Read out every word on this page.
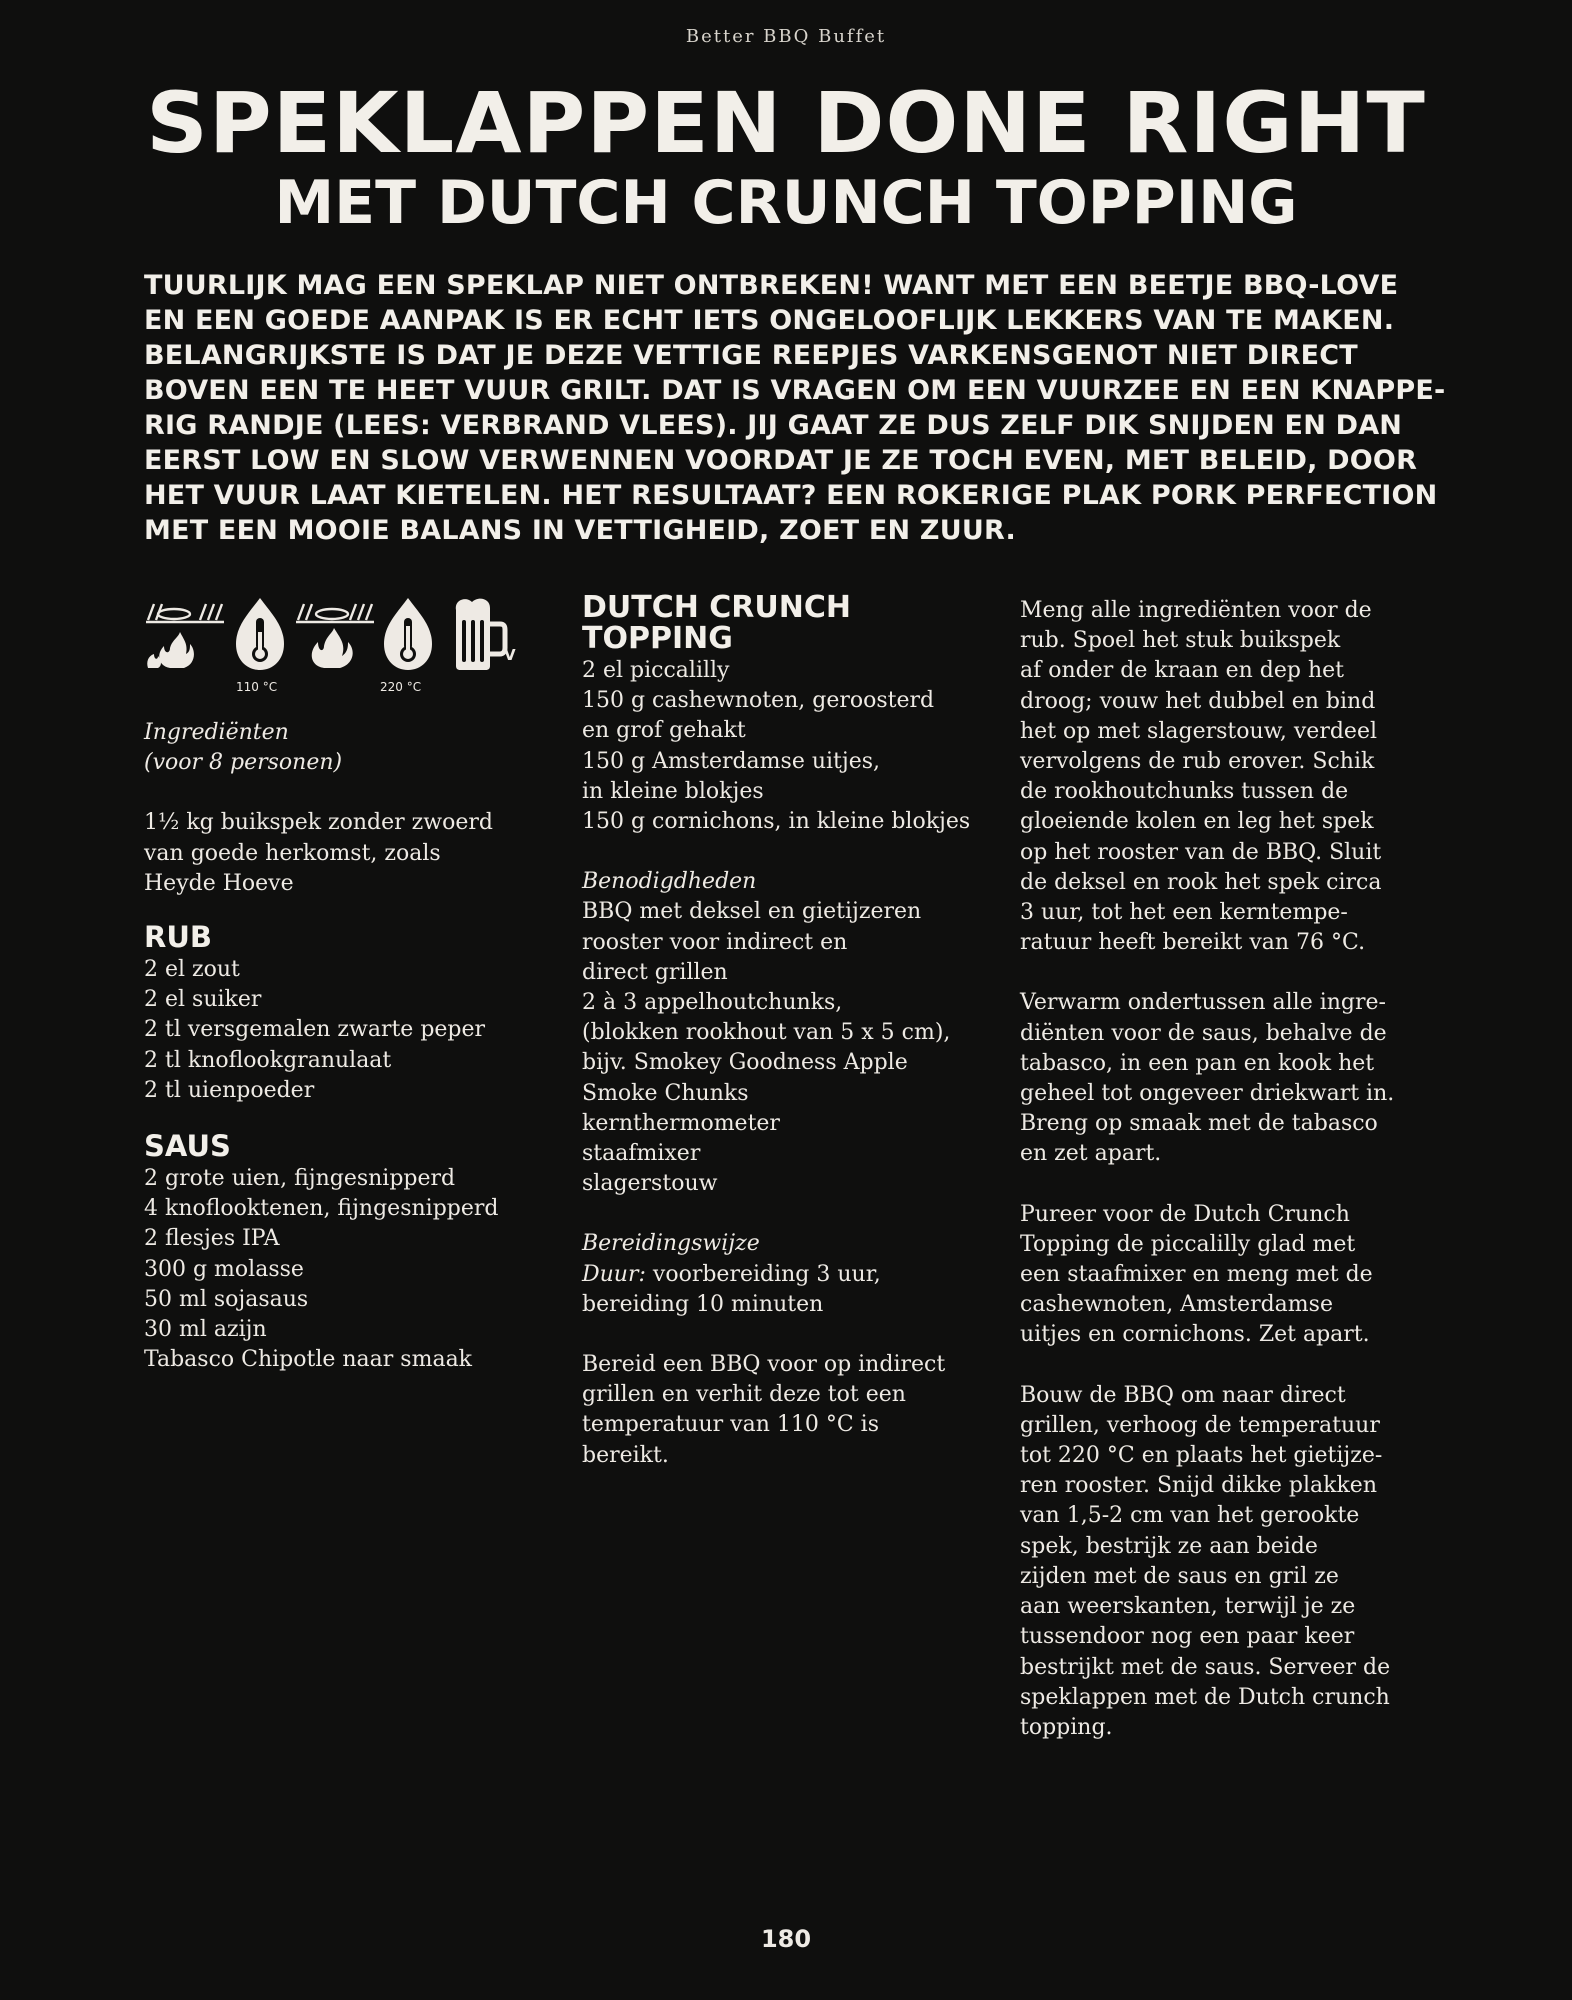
Better BBQ Buffet
SPEKLAPPEN DONE RIGHT
MET DUTCH CRUNCH TOPPING
TUURLIJK MAG EEN SPEKLAP NIET ONTBREKEN! WANT MET EEN BEETJE BBQ-LOVE
EN EEN GOEDE AANPAK IS ER ECHT IETS ONGELOOFLIJK LEKKERS VAN TE MAKEN.
BELANGRIJKSTE IS DAT JE DEZE VETTIGE REEPJES VARKENSGENOT NIET DIRECT
BOVEN EEN TE HEET VUUR GRILT. DAT IS VRAGEN OM EEN VUURZEE EN EEN KNAPPE-
RIG RANDJE (LEES: VERBRAND VLEES). JIJ GAAT ZE DUS ZELF DIK SNIJDEN EN DAN
EERST LOW EN SLOW VERWENNEN VOORDAT JE ZE TOCH EVEN, MET BELEID, DOOR
HET VUUR LAAT KIETELEN. HET RESULTAAT? EEN ROKERIGE PLAK PORK PERFECTION
MET EEN MOOIE BALANS IN VETTIGHEID, ZOET EN ZUUR.
110 °C	220 °C
V
Ingrediënten
(voor 8 personen)
1½ kg buikspek zonder zwoerd
van goede herkomst, zoals
Heyde Hoeve
RUB
2 el zout
2 el suiker
2 tl versgemalen zwarte peper
2 tl knoflookgranulaat
2 tl uienpoeder
SAUS
2 grote uien, fijngesnipperd
4 knoflooktenen, fijngesnipperd
2 flesjes IPA
300 g molasse
50 ml sojasaus
30 ml azijn
Tabasco Chipotle naar smaak
DUTCH CRUNCH
TOPPING
2 el piccalilly
150 g cashewnoten, geroosterd
en grof gehakt
150 g Amsterdamse uitjes,
in kleine blokjes
150 g cornichons, in kleine blokjes
Benodigdheden
BBQ met deksel en gietijzeren
rooster voor indirect en
direct grillen
2 à 3 appelhoutchunks,
(blokken rookhout van 5 x 5 cm),
bijv. Smokey Goodness Apple
Smoke Chunks
kernthermometer
staafmixer
slagerstouw
Bereidingswijze
Duur: voorbereiding 3 uur,
bereiding 10 minuten
Bereid een BBQ voor op indirect
grillen en verhit deze tot een
temperatuur van 110 °C is
bereikt.
Meng alle ingrediënten voor de
rub. Spoel het stuk buikspek
af onder de kraan en dep het
droog; vouw het dubbel en bind
het op met slagerstouw, verdeel
vervolgens de rub erover. Schik
de rookhoutchunks tussen de
gloeiende kolen en leg het spek
op het rooster van de BBQ. Sluit
de deksel en rook het spek circa
3 uur, tot het een kerntempe-
ratuur heeft bereikt van 76 °C.
Verwarm ondertussen alle ingre-
diënten voor de saus, behalve de
tabasco, in een pan en kook het
geheel tot ongeveer driekwart in.
Breng op smaak met de tabasco
en zet apart.
Pureer voor de Dutch Crunch
Topping de piccalilly glad met
een staafmixer en meng met de
cashewnoten, Amsterdamse
uitjes en cornichons. Zet apart.
Bouw de BBQ om naar direct
grillen, verhoog de temperatuur
tot 220 °C en plaats het gietijze-
ren rooster. Snijd dikke plakken
van 1,5-2 cm van het gerookte
spek, bestrijk ze aan beide
zijden met de saus en gril ze
aan weerskanten, terwijl je ze
tussendoor nog een paar keer
bestrijkt met de saus. Serveer de
speklappen met de Dutch crunch
topping.
180
